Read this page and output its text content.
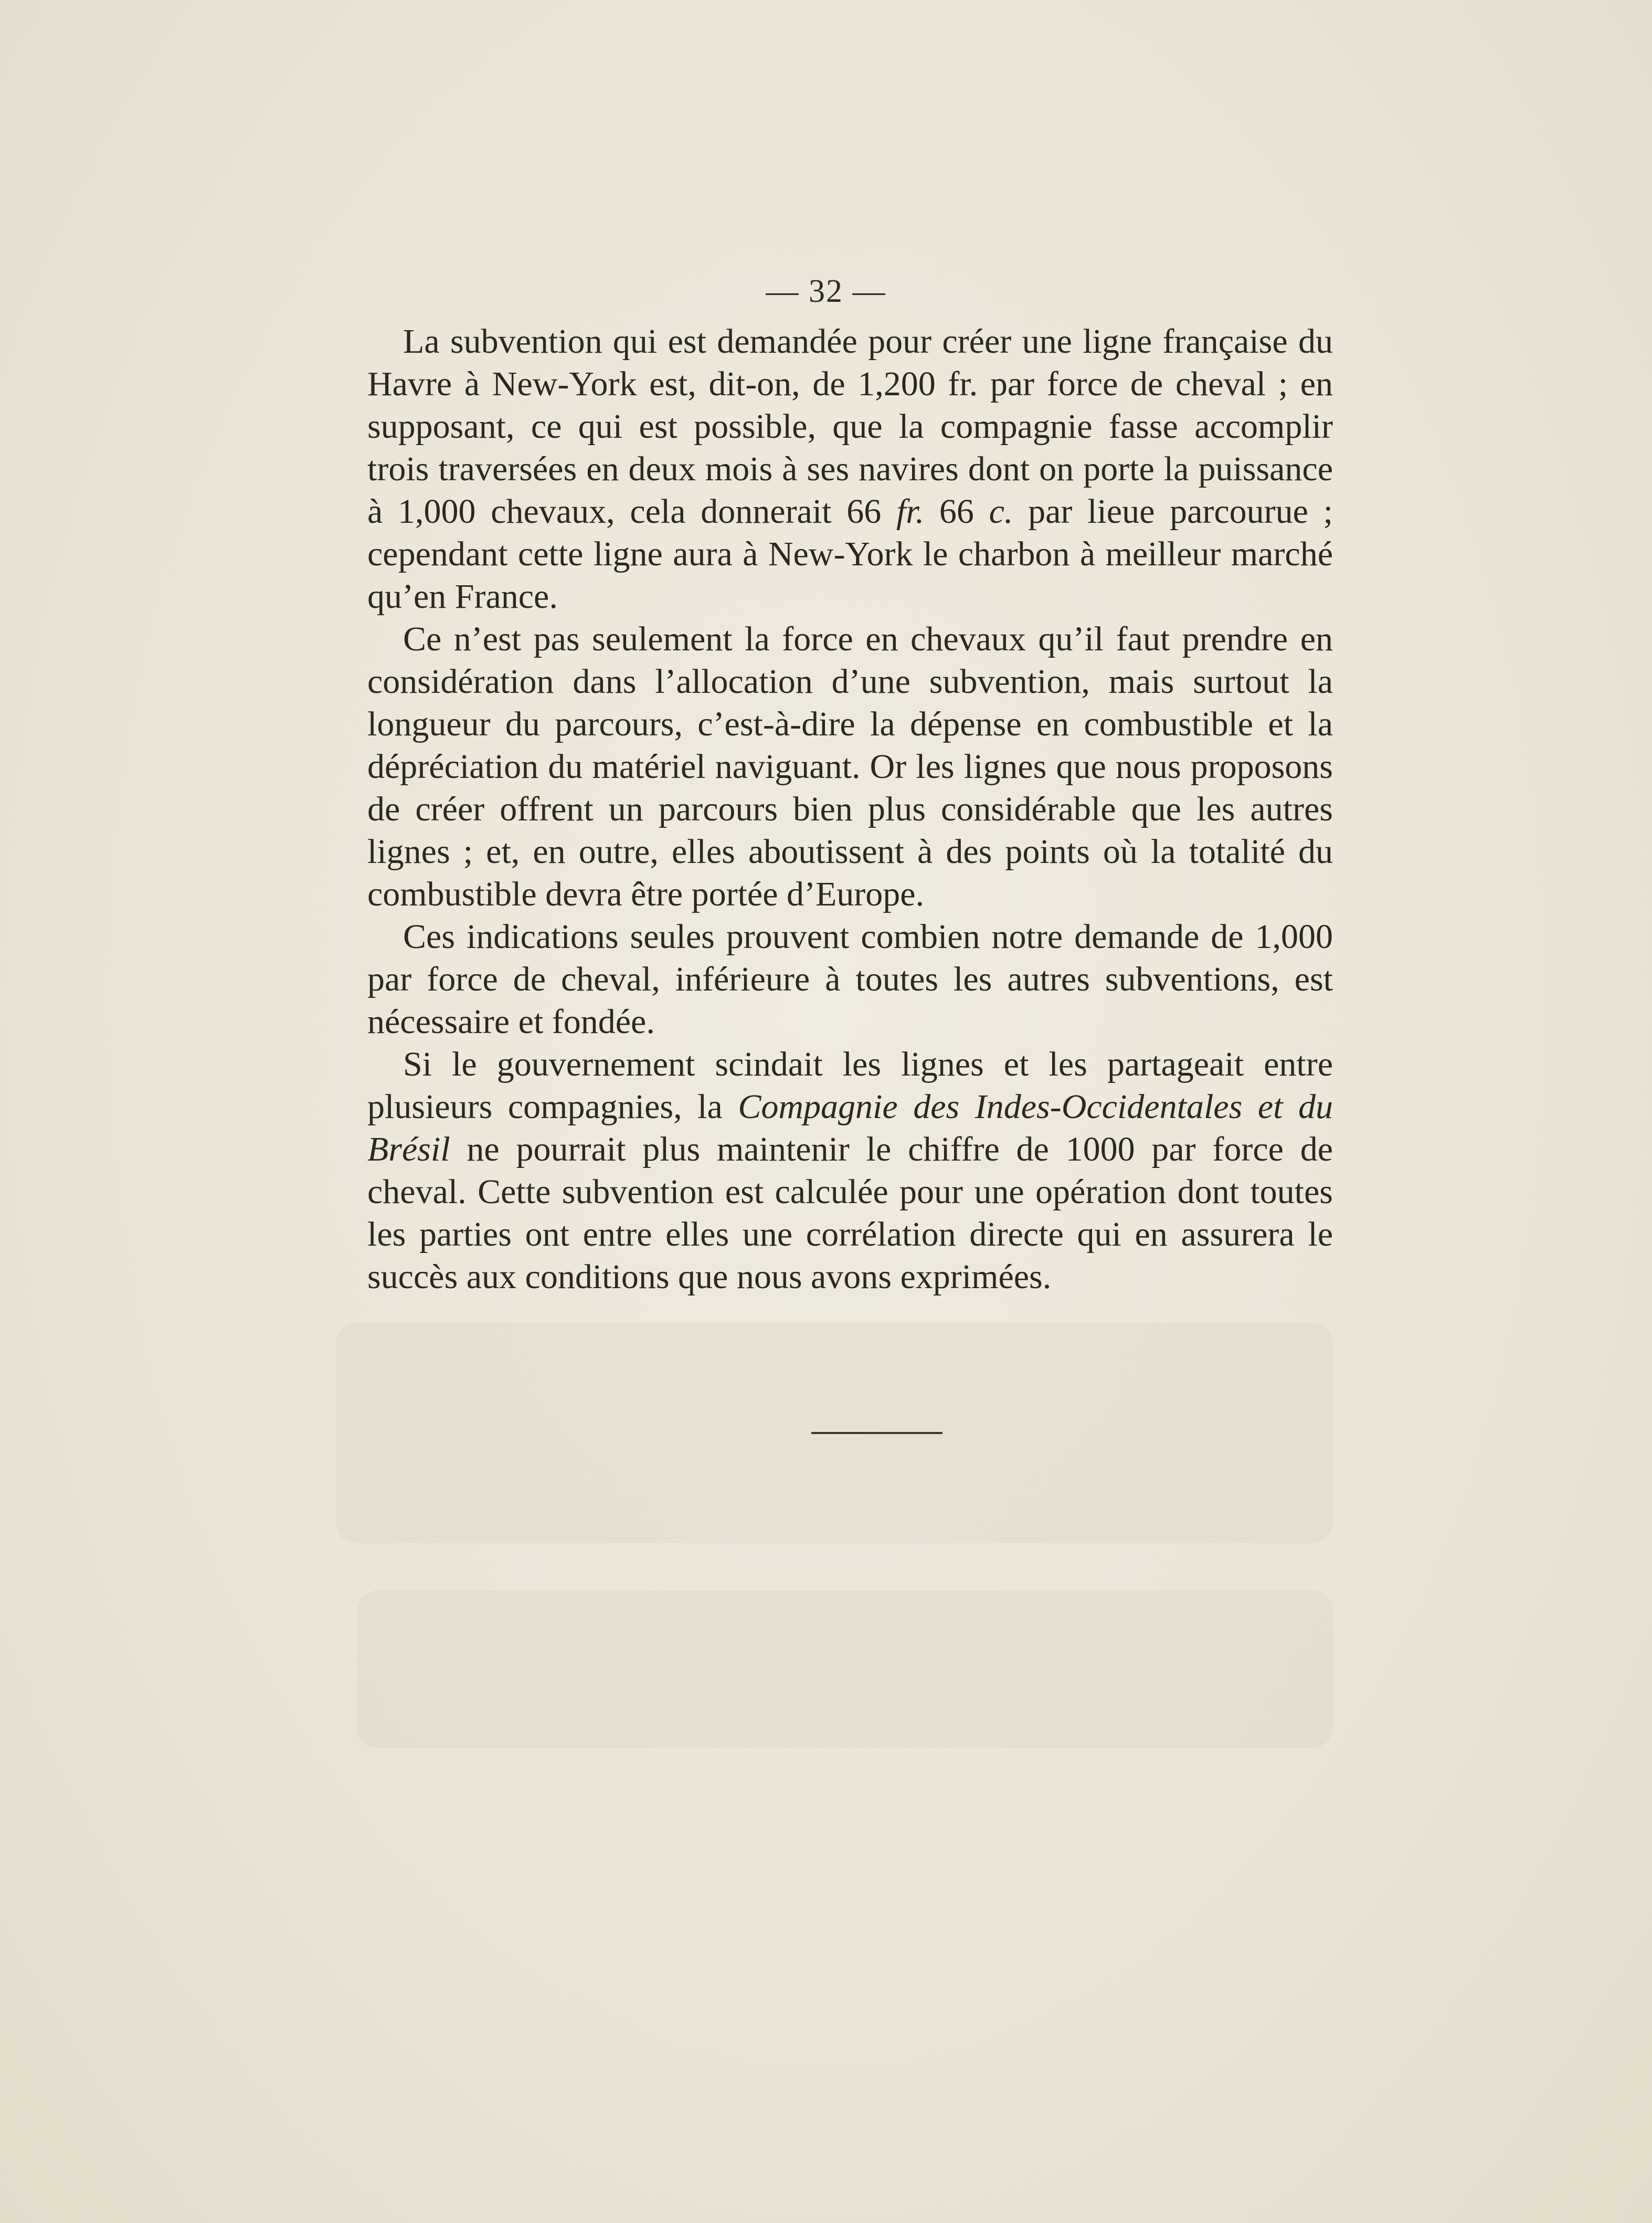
— 32 —

La subvention qui est demandée pour créer une ligne française du Havre à New-York est, dit-on, de 1,200 fr. par force de cheval ; en supposant, ce qui est possible, que la compagnie fasse accomplir trois traversées en deux mois à ses navires dont on porte la puissance à 1,000 chevaux, cela donnerait 66 fr. 66 c. par lieue parcourue ; cependant cette ligne aura à New-York le charbon à meilleur marché qu’en France.

Ce n’est pas seulement la force en chevaux qu’il faut prendre en considération dans l’allocation d’une subvention, mais surtout la longueur du parcours, c’est-à-dire la dépense en combustible et la dépréciation du matériel naviguant. Or les lignes que nous proposons de créer offrent un parcours bien plus considérable que les autres lignes ; et, en outre, elles aboutissent à des points où la totalité du combustible devra être portée d’Europe.

Ces indications seules prouvent combien notre demande de 1,000 par force de cheval, inférieure à toutes les autres subventions, est nécessaire et fondée.

Si le gouvernement scindait les lignes et les partageait entre plusieurs compagnies, la Compagnie des Indes-Occidentales et du Brésil ne pourrait plus maintenir le chiffre de 1000 par force de cheval. Cette subvention est calculée pour une opération dont toutes les parties ont entre elles une corrélation directe qui en assurera le succès aux conditions que nous avons exprimées.
